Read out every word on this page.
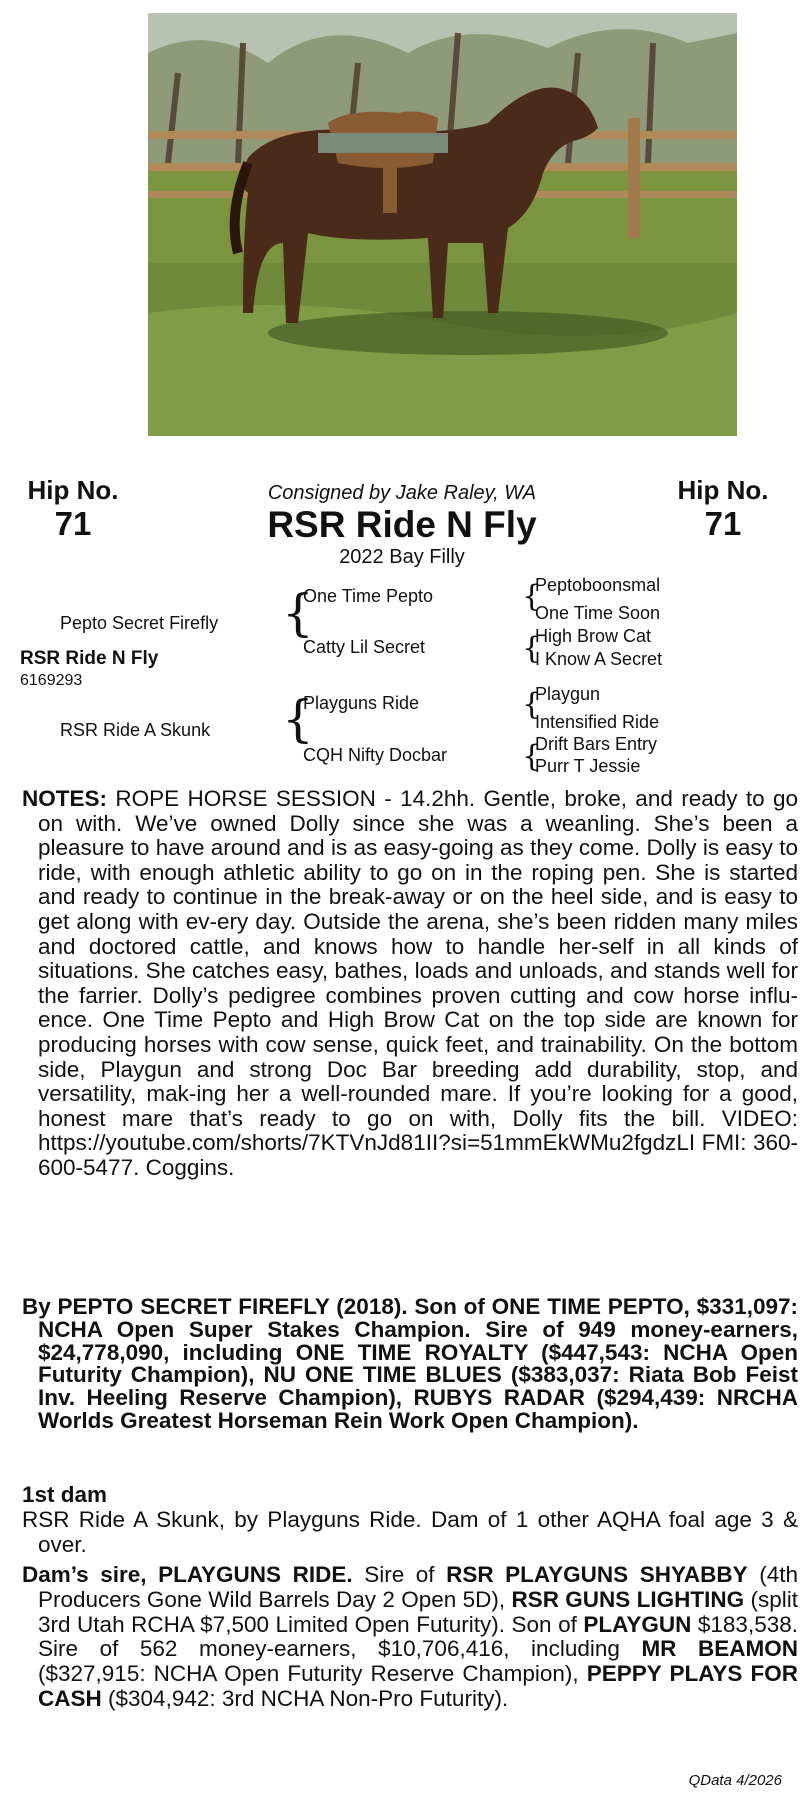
Hip No.
71
Hip No.
71
Consigned by Jake Raley, WA
RSR Ride N Fly
2022 Bay Filly
Pepto Secret Firefly
RSR Ride N Fly
6169293
RSR Ride A Skunk
{
One Time Pepto
Catty Lil Secret
{
Playguns Ride
CQH Nifty Docbar
{
Peptoboonsmal
One Time Soon
{
High Brow Cat
I Know A Secret
{
Playgun
Intensified Ride
{
Drift Bars Entry
Purr T Jessie
NOTES: ROPE HORSE SESSION - 14.2hh. Gentle, broke, and ready to go on with. We’ve owned Dolly since she was a weanling. She’s been a pleasure to have around and is as easy-going as they come. Dolly is easy to ride, with enough athletic ability to go on in the roping pen. She is started and ready to continue in the break-away or on the heel side, and is easy to get along with ev-ery day. Outside the arena, she’s been ridden many miles and doctored cattle, and knows how to handle her-self in all kinds of situations. She catches easy, bathes, loads and unloads, and stands well for the farrier. Dolly’s pedigree combines proven cutting and cow horse influ-ence. One Time Pepto and High Brow Cat on the top side are known for producing horses with cow sense, quick feet, and trainability. On the bottom side, Playgun and strong Doc Bar breeding add durability, stop, and versatility, mak-ing her a well-rounded mare. If you’re looking for a good, honest mare that’s ready to go on with, Dolly fits the bill. VIDEO: https://youtube.com/shorts/7KTVnJd81II?si=51mmEkWMu2fgdzLI FMI: 360-600-5477. Coggins.
By PEPTO SECRET FIREFLY (2018). Son of ONE TIME PEPTO, $331,097: NCHA Open Super Stakes Champion. Sire of 949 money-earners, $24,778,090, including ONE TIME ROYALTY ($447,543: NCHA Open Futurity Champion), NU ONE TIME BLUES ($383,037: Riata Bob Feist Inv. Heeling Reserve Champion), RUBYS RADAR ($294,439: NRCHA Worlds Greatest Horseman Rein Work Open Champion).
1st dam
RSR Ride A Skunk, by Playguns Ride. Dam of 1 other AQHA foal age 3 & over.
Dam’s sire, PLAYGUNS RIDE. Sire of RSR PLAYGUNS SHYABBY (4th Producers Gone Wild Barrels Day 2 Open 5D), RSR GUNS LIGHTING (split 3rd Utah RCHA $7,500 Limited Open Futurity). Son of PLAYGUN $183,538. Sire of 562 money-earners, $10,706,416, including MR BEAMON ($327,915: NCHA Open Futurity Reserve Champion), PEPPY PLAYS FOR CASH ($304,942: 3rd NCHA Non-Pro Futurity).
QData 4/2026
